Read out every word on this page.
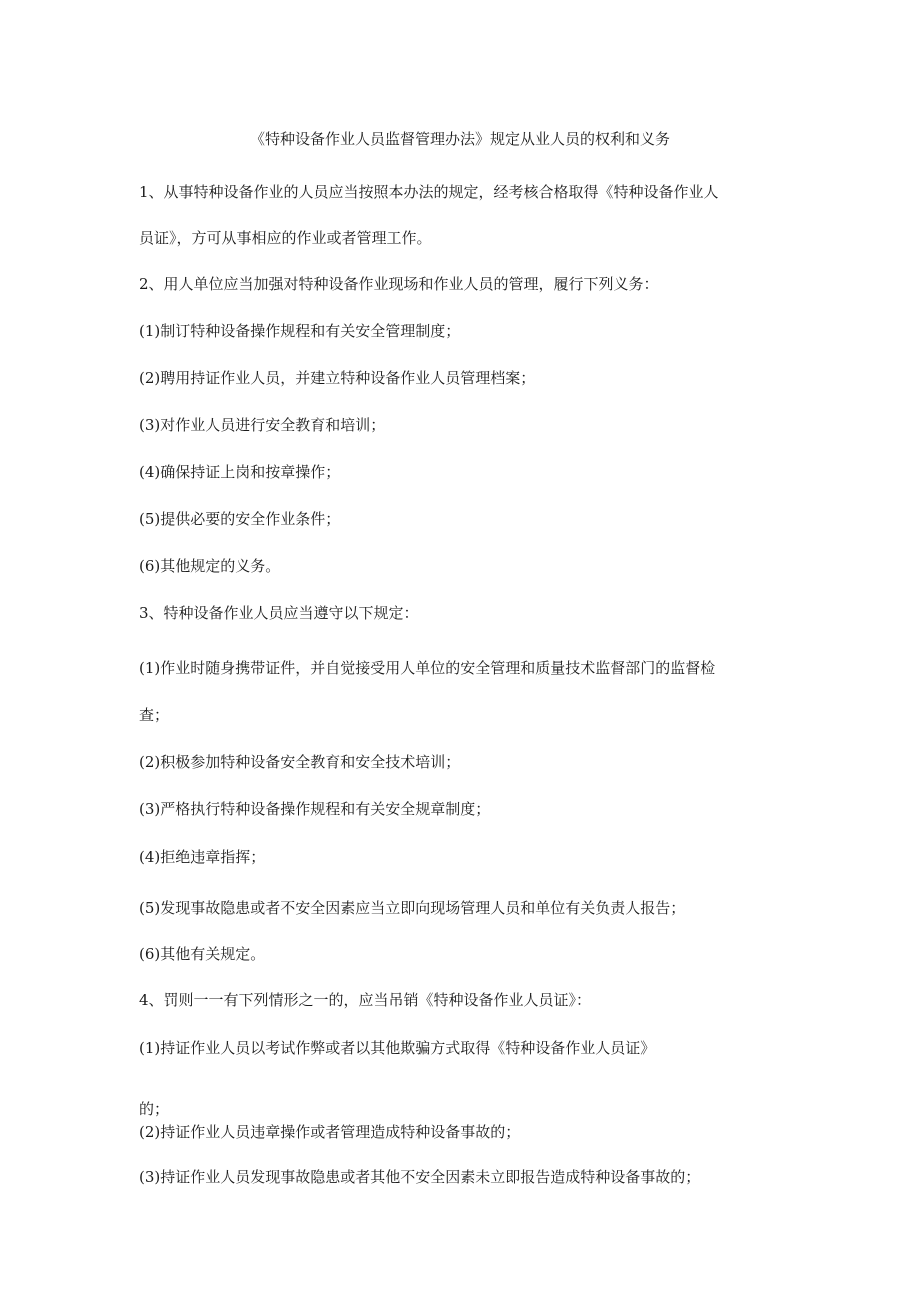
《特种设备作业人员监督管理办法》规定从业人员的权利和义务
1、从事特种设备作业的人员应当按照本办法的规定，经考核合格取得《特种设备作业人
员证》，方可从事相应的作业或者管理工作。
2、用人单位应当加强对特种设备作业现场和作业人员的管理，履行下列义务：
(1)制订特种设备操作规程和有关安全管理制度；
(2)聘用持证作业人员，并建立特种设备作业人员管理档案；
(3)对作业人员进行安全教育和培训；
(4)确保持证上岗和按章操作；
(5)提供必要的安全作业条件；
(6)其他规定的义务。
3、特种设备作业人员应当遵守以下规定：
(1)作业时随身携带证件，并自觉接受用人单位的安全管理和质量技术监督部门的监督检
查；
(2)积极参加特种设备安全教育和安全技术培训；
(3)严格执行特种设备操作规程和有关安全规章制度；
(4)拒绝违章指挥；
(5)发现事故隐患或者不安全因素应当立即向现场管理人员和单位有关负责人报告；
(6)其他有关规定。
4、罚则一一有下列情形之一的，应当吊销《特种设备作业人员证》：
(1)持证作业人员以考试作弊或者以其他欺骗方式取得《特种设备作业人员证》
的；
(2)持证作业人员违章操作或者管理造成特种设备事故的；
(3)持证作业人员发现事故隐患或者其他不安全因素未立即报告造成特种设备事故的；
